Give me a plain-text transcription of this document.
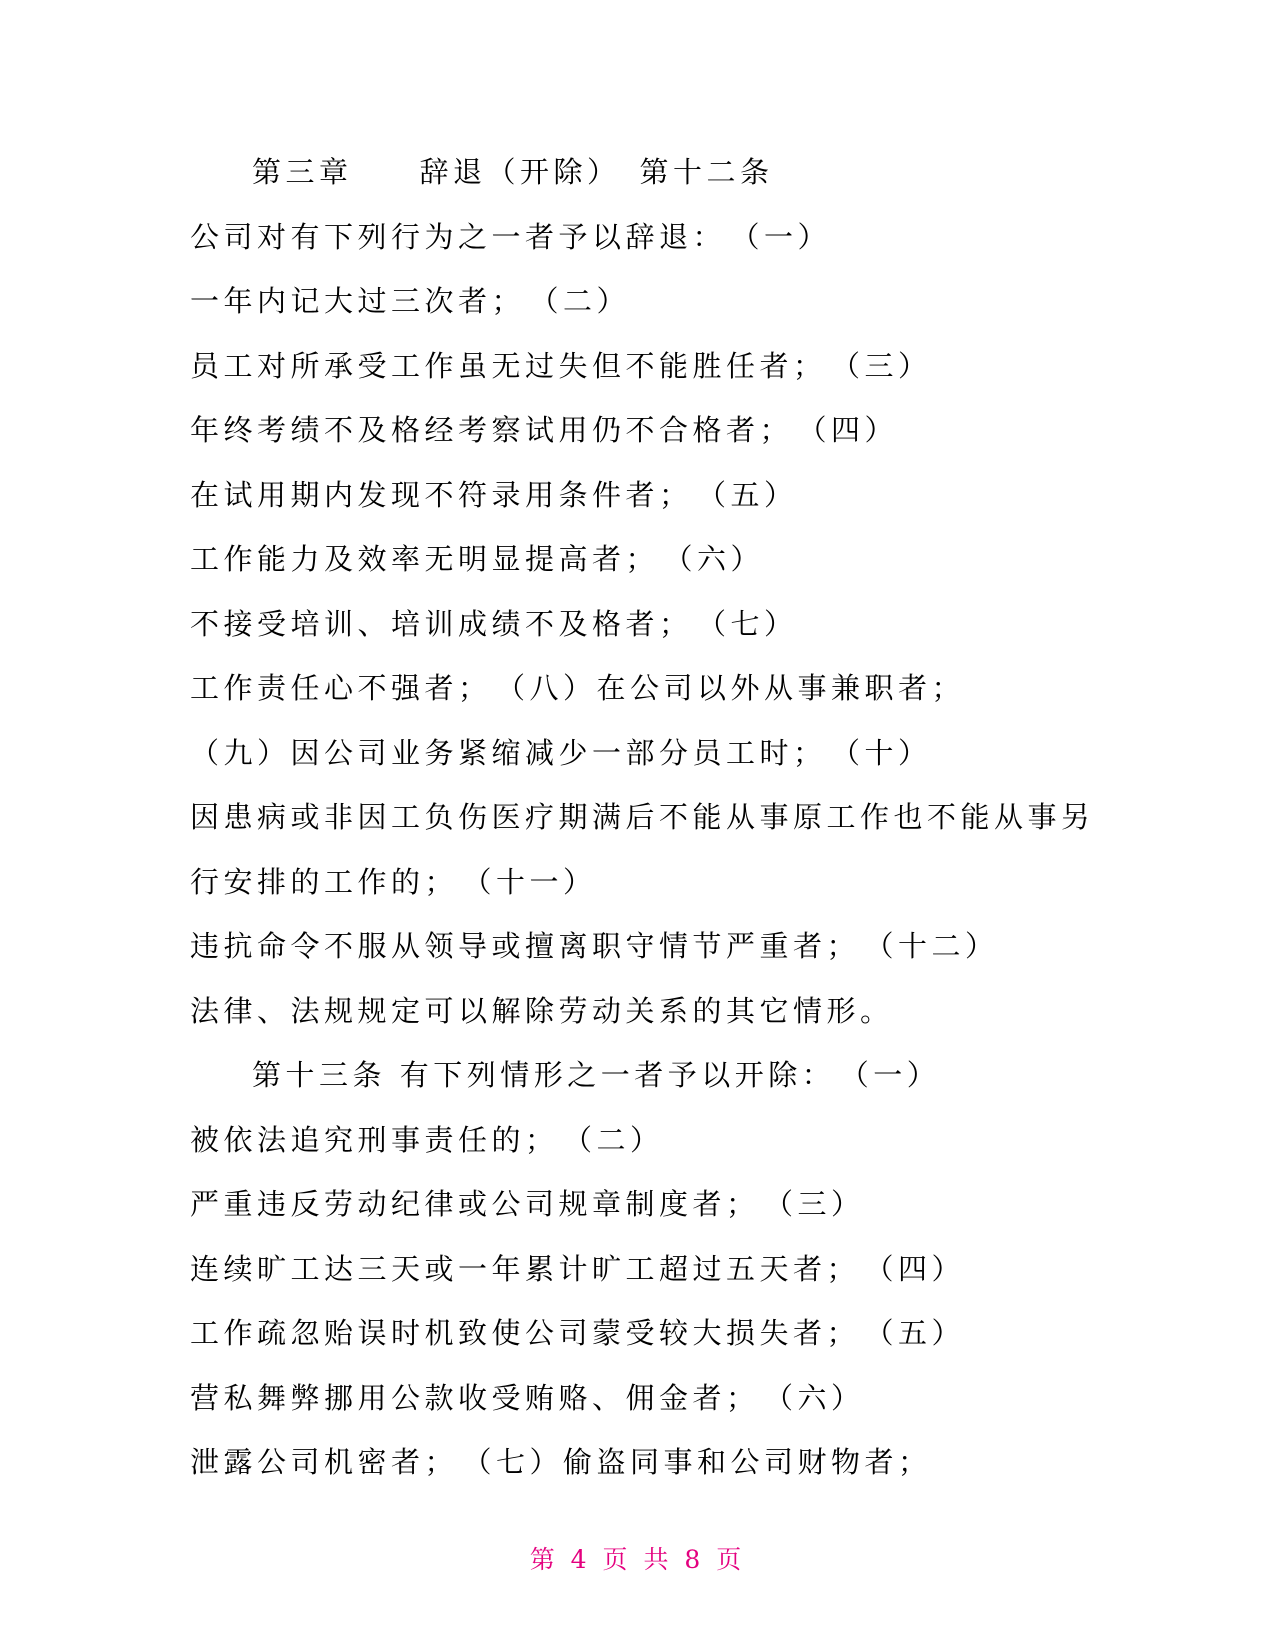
第三章　　辞退（开除）　第十二条
公司对有下列行为之一者予以辞退：　（一）
一年内记大过三次者；　（二）
员工对所承受工作虽无过失但不能胜任者；　（三）
年终考绩不及格经考察试用仍不合格者；　（四）
在试用期内发现不符录用条件者；　（五）
工作能力及效率无明显提高者；　（六）
不接受培训、培训成绩不及格者；　（七）
工作责任心不强者；　（八）在公司以外从事兼职者；
（九）因公司业务紧缩减少一部分员工时；　（十）
因患病或非因工负伤医疗期满后不能从事原工作也不能从事另
行安排的工作的；　（十一）
违抗命令不服从领导或擅离职守情节严重者；　（十二）
法律、法规规定可以解除劳动关系的其它情形。
第十三条 有下列情形之一者予以开除：　（一）
被依法追究刑事责任的；　（二）
严重违反劳动纪律或公司规章制度者；　（三）
连续旷工达三天或一年累计旷工超过五天者；　（四）
工作疏忽贻误时机致使公司蒙受较大损失者；　（五）
营私舞弊挪用公款收受贿赂、佣金者；　（六）
泄露公司机密者；　（七）偷盗同事和公司财物者；
第 4 页 共 8 页
